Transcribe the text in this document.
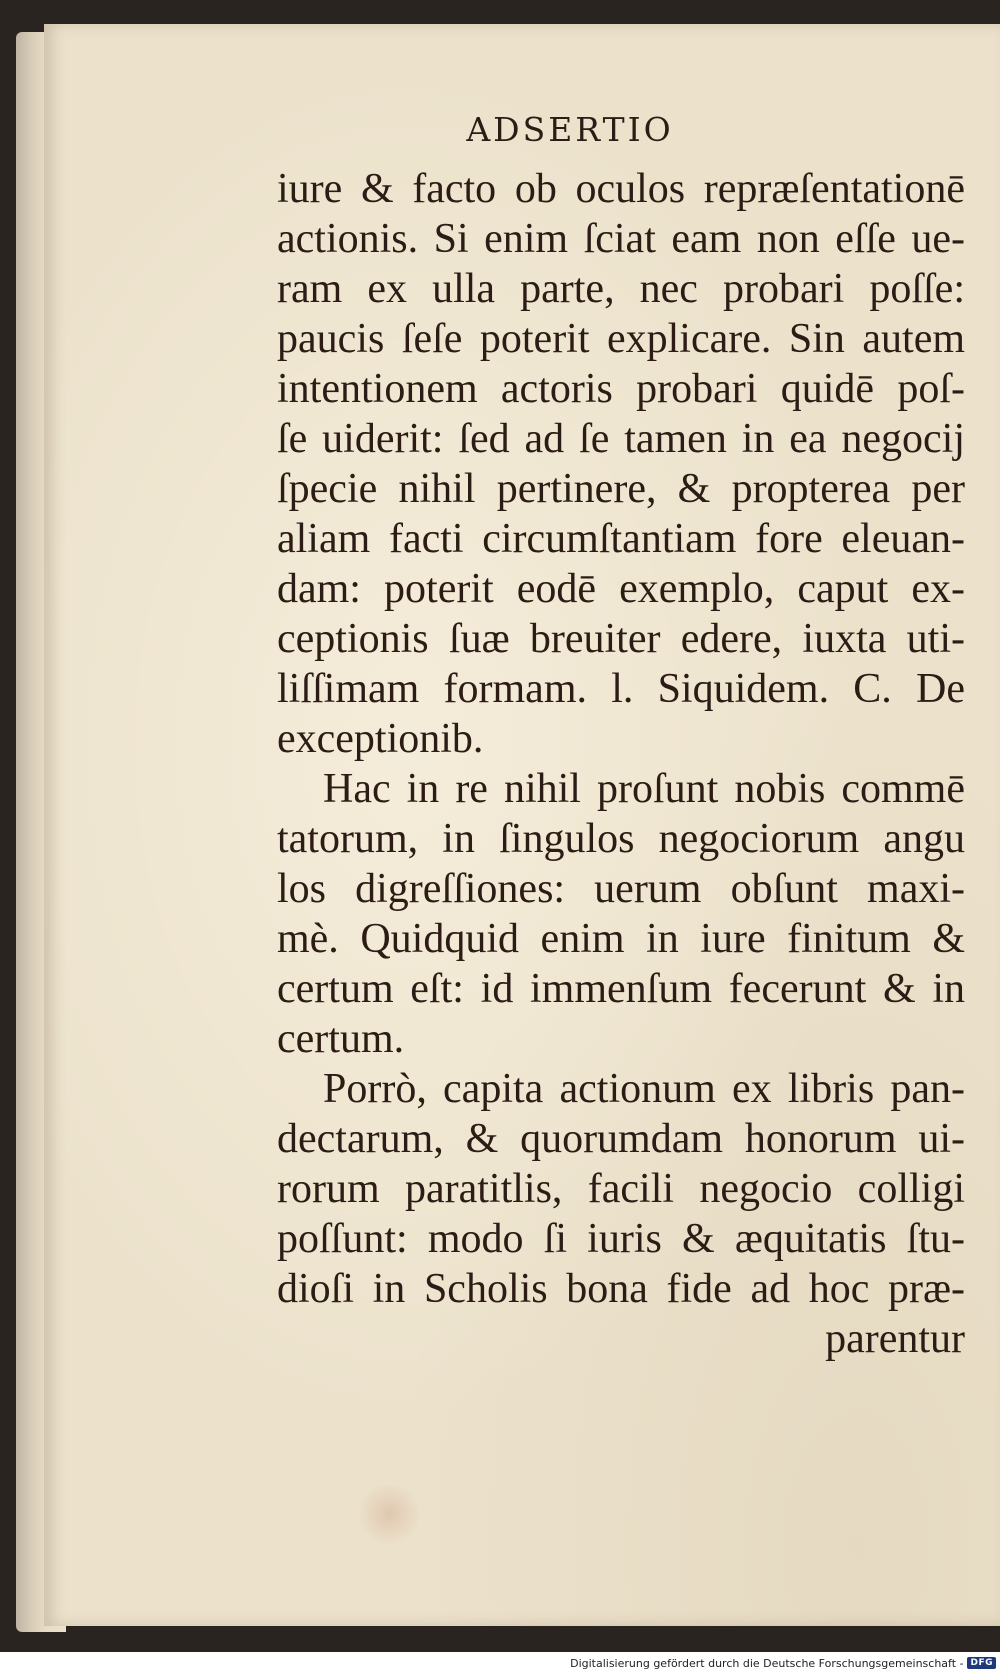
ADSERTIO
iure & facto ob oculos repræſentationē
actionis. Si enim ſciat eam non eſſe ue-
ram ex ulla parte, nec probari poſſe:
paucis ſeſe poterit explicare. Sin autem
intentionem actoris probari quidē poſ-
ſe uiderit: ſed ad ſe tamen in ea negocij
ſpecie nihil pertinere, & propterea per
aliam facti circumſtantiam fore eleuan-
dam: poterit eodē exemplo, caput ex-
ceptionis ſuæ breuiter edere, iuxta uti-
liſſimam formam. l. Siquidem. C. De
exceptionib.
Hac in re nihil proſunt nobis commē
tatorum, in ſingulos negociorum angu
los digreſſiones: uerum obſunt maxi-
mè. Quidquid enim in iure finitum &
certum eſt: id immenſum fecerunt & in
certum.
Porrò, capita actionum ex libris pan-
dectarum, & quorumdam honorum ui-
rorum paratitlis, facili negocio colligi
poſſunt: modo ſi iuris & æquitatis ſtu-
dioſi in Scholis bona fide ad hoc præ-
parentur
Digitalisierung gefördert durch die Deutsche Forschungsgemeinschaft - DFG
